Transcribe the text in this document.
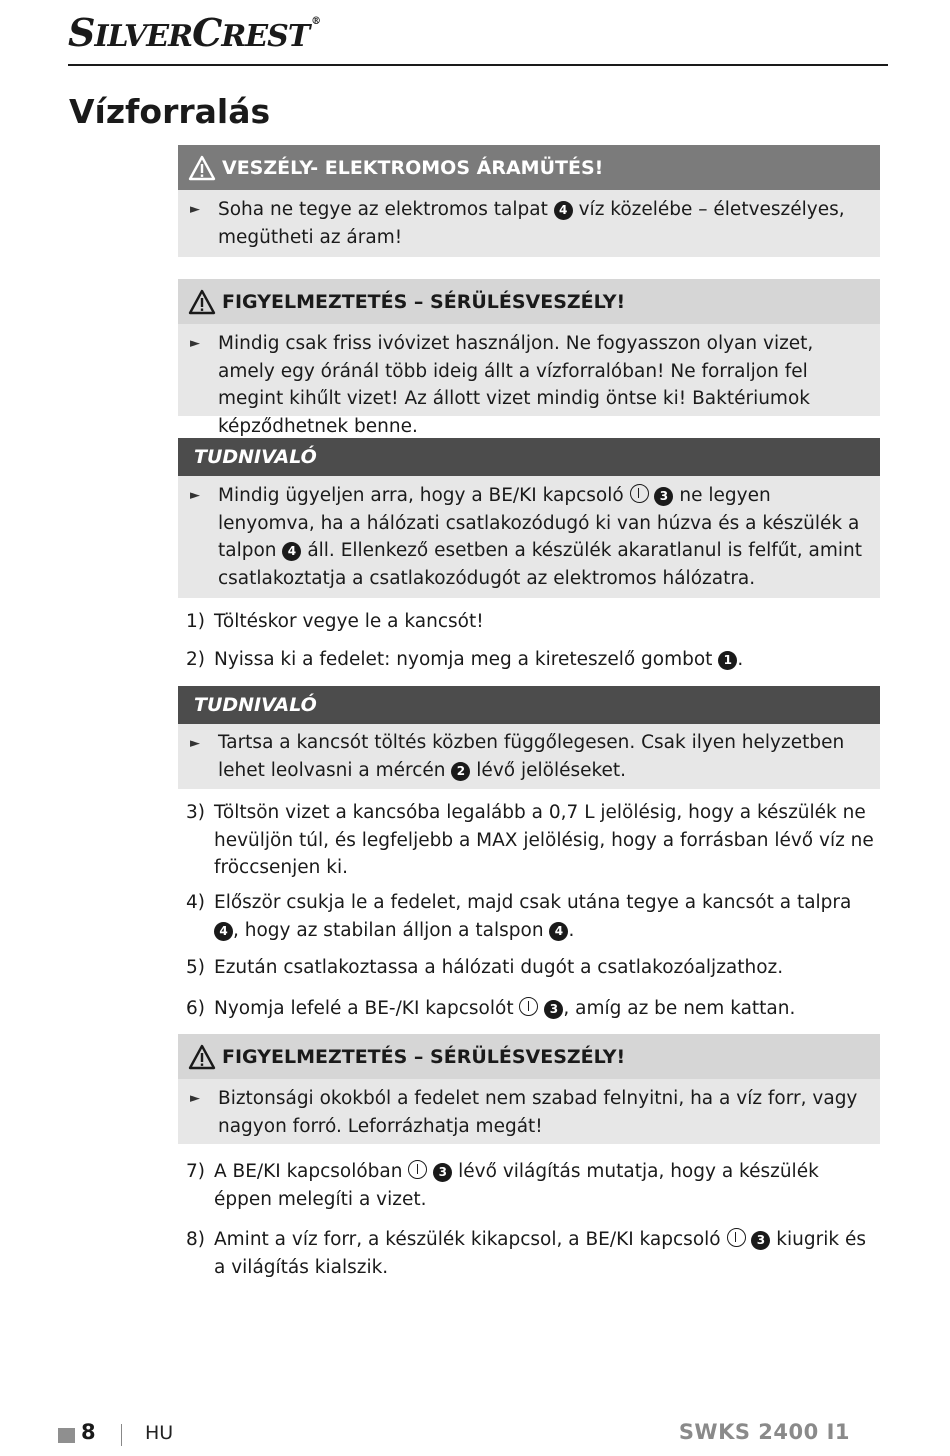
SILVERCREST ®
Vízforralás
VESZÉLY- ELEKTROMOS ÁRAMÜTÉS!
► Soha ne tegye az elektromos talpat 4 víz közelébe – életveszélyes, megütheti az áram!
FIGYELMEZTETÉS – SÉRÜLÉSVESZÉLY!
► Mindig csak friss ivóvizet használjon. Ne fogyasszon olyan vizet, amely egy óránál több ideig állt a vízforralóban! Ne forraljon fel megint kihűlt vizet! Az állott vizet mindig öntse ki! Baktériumok képződhetnek benne.
TUDNIVALÓ
► Mindig ügyeljen arra, hogy a BE/KI kapcsoló	3 ne legyen lenyomva, ha a hálózati csatlakozódugó ki van húzva és a készülék a talpon 4 áll. Ellenkező esetben a készülék akaratlanul is felfűt, amint csatlakoztatja a csatlakozódugót az elektromos hálózatra.
1) Töltéskor vegye le a kancsót!
2) Nyissa ki a fedelet: nyomja meg a kireteszelő gombot 1 .
TUDNIVALÓ
► Tartsa a kancsót töltés közben függőlegesen. Csak ilyen helyzetben lehet leolvasni a mércén 2 lévő jelöléseket.
3) Töltsön vizet a kancsóba legalább a 0,7 L jelölésig, hogy a készülék ne hevüljön túl, és legfeljebb a MAX jelölésig, hogy a forrásban lévő víz ne fröccsenjen ki.
4) Először csukja le a fedelet, majd csak utána tegye a kancsót a talpra 4 , hogy az stabilan álljon a talspon 4 .
5) Ezután csatlakoztassa a hálózati dugót a csatlakozóaljzathoz.
6) Nyomja lefelé a BE-/KI kapcsolót	3 , amíg az be nem kattan.
FIGYELMEZTETÉS – SÉRÜLÉSVESZÉLY!
► Biztonsági okokból a fedelet nem szabad felnyitni, ha a víz forr, vagy nagyon forró. Leforrázhatja megát!
7) A BE/KI kapcsolóban	3 lévő világítás mutatja, hogy a készülék éppen melegíti a vizet.
8) Amint a víz forr, a készülék kikapcsol, a BE/KI kapcsoló	3 kiugrik és a világítás kialszik.
8	HU	SWKS 2400 I1
